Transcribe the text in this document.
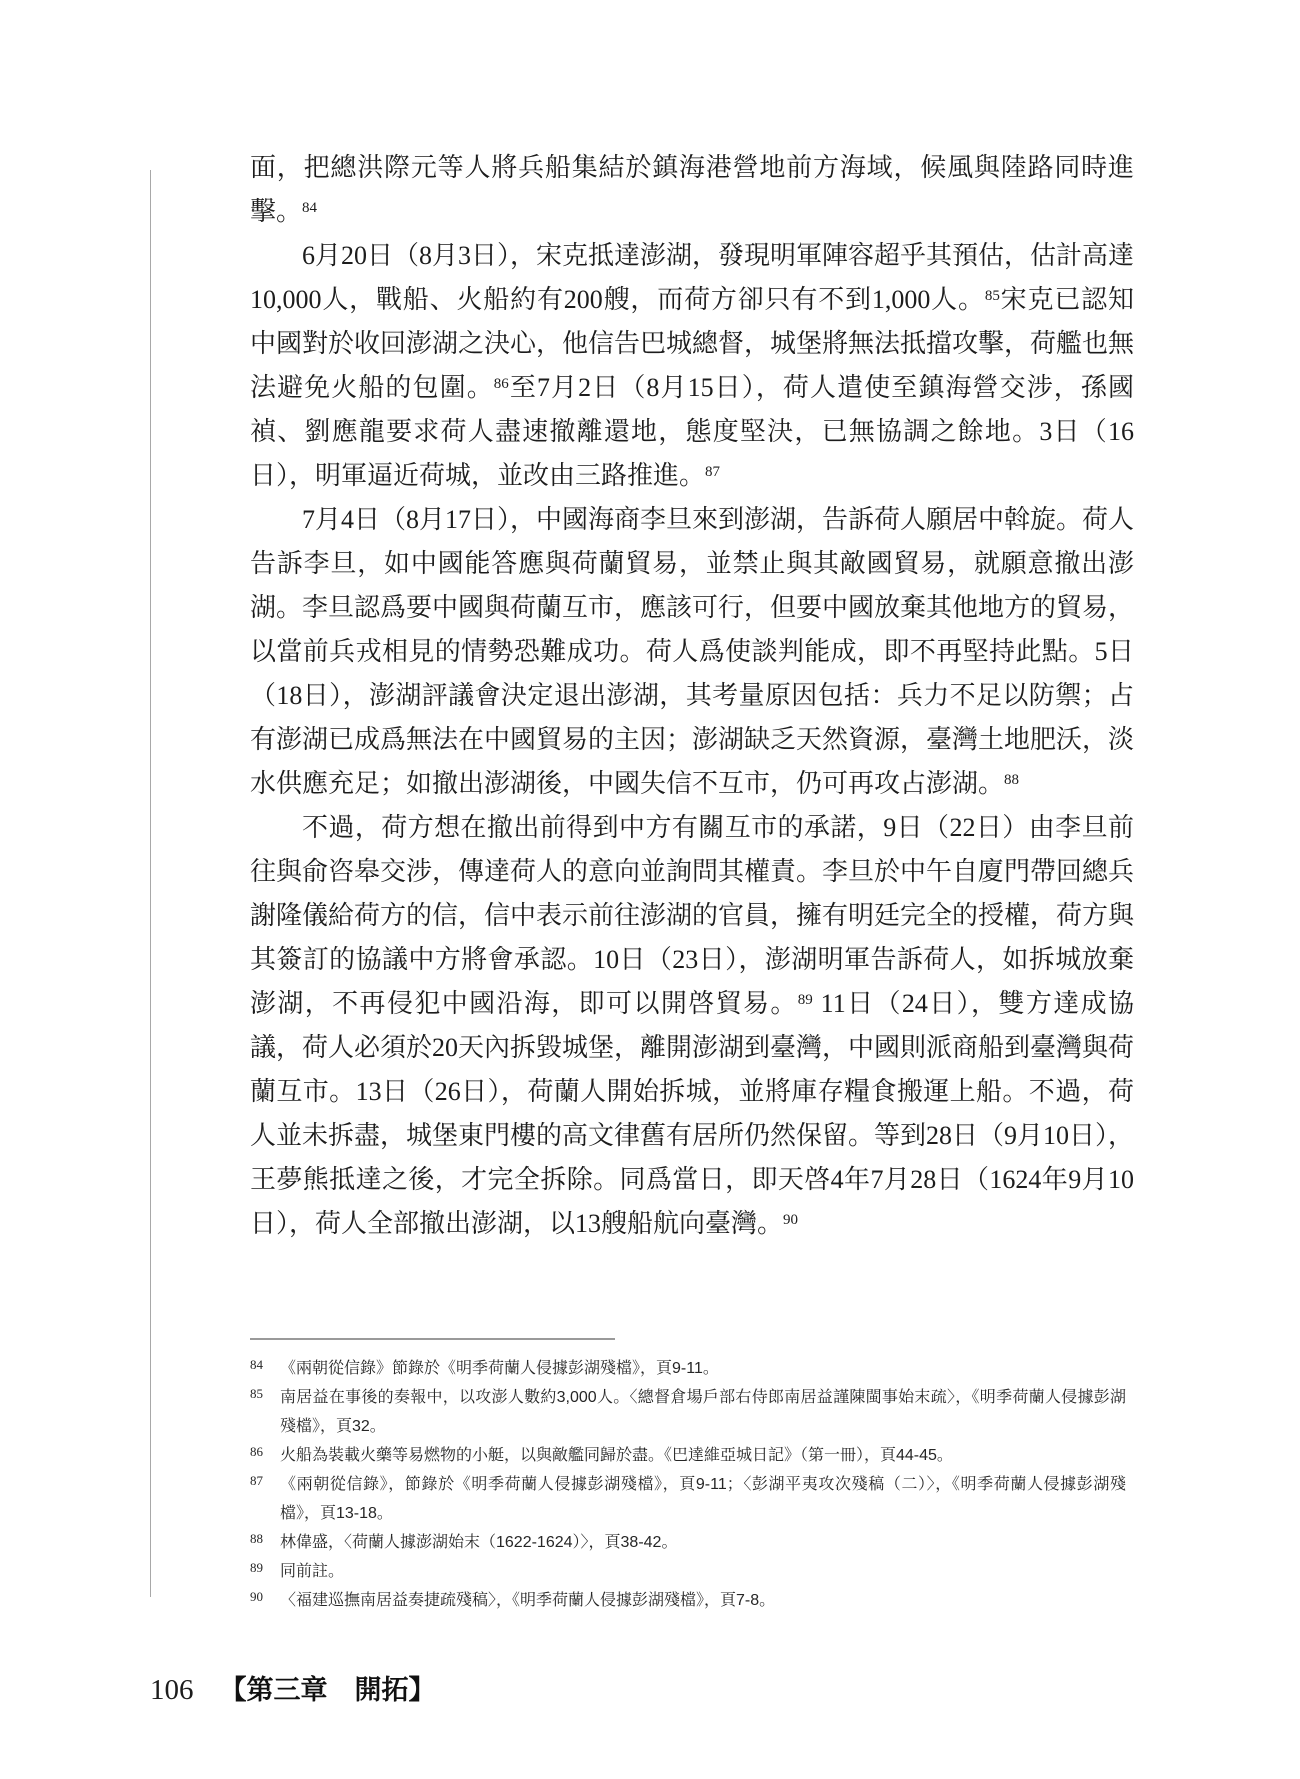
面，把總洪際元等人將兵船集結於鎮海港營地前方海域，候風與陸路同時進擊。$^{84}$

6月20日（8月3日），宋克抵達澎湖，發現明軍陣容超乎其預估，估計高達10,000人，戰船、火船約有200艘，而荷方卻只有不到1,000人。$^{85}$宋克已認知中國對於收回澎湖之決心，他信告巴城總督，城堡將無法抵擋攻擊，荷艦也無法避免火船的包圍。$^{86}$至7月2日（8月15日），荷人遣使至鎮海營交涉，孫國禎、劉應龍要求荷人盡速撤離還地，態度堅決，已無協調之餘地。3日（16日），明軍逼近荷城，並改由三路推進。$^{87}$

7月4日（8月17日），中國海商李旦來到澎湖，告訴荷人願居中斡旋。荷人告訴李旦，如中國能答應與荷蘭貿易，並禁止與其敵國貿易，就願意撤出澎湖。李旦認爲要中國與荷蘭互市，應該可行，但要中國放棄其他地方的貿易，以當前兵戎相見的情勢恐難成功。荷人爲使談判能成，即不再堅持此點。5日（18日），澎湖評議會決定退出澎湖，其考量原因包括：兵力不足以防禦；占有澎湖已成爲無法在中國貿易的主因；澎湖缺乏天然資源，臺灣土地肥沃，淡水供應充足；如撤出澎湖後，中國失信不互市，仍可再攻占澎湖。$^{88}$

不過，荷方想在撤出前得到中方有關互市的承諾，9日（22日）由李旦前往與俞咨皋交涉，傳達荷人的意向並詢問其權責。李旦於中午自廈門帶回總兵謝隆儀給荷方的信，信中表示前往澎湖的官員，擁有明廷完全的授權，荷方與其簽訂的協議中方將會承認。10日（23日），澎湖明軍告訴荷人，如拆城放棄澎湖，不再侵犯中國沿海，即可以開啓貿易。$^{89}$ 11日（24日），雙方達成協議，荷人必須於20天內拆毀城堡，離開澎湖到臺灣，中國則派商船到臺灣與荷蘭互市。13日（26日），荷蘭人開始拆城，並將庫存糧食搬運上船。不過，荷人並未拆盡，城堡東門樓的高文律舊有居所仍然保留。等到28日（9月10日），王夢熊抵達之後，才完全拆除。同爲當日，即天啓4年7月28日（1624年9月10日），荷人全部撤出澎湖，以13艘船航向臺灣。$^{90}$

84 《兩朝從信錄》節錄於《明季荷蘭人侵據彭湖殘檔》，頁9-11。
85 南居益在事後的奏報中，以攻澎人數約3,000人。〈總督倉場戶部右侍郎南居益謹陳閩事始末疏〉，《明季荷蘭人侵據彭湖殘檔》，頁32。
86 火船為裝載火藥等易燃物的小艇，以與敵艦同歸於盡。《巴達維亞城日記》（第一冊），頁44-45。
87 《兩朝從信錄》，節錄於《明季荷蘭人侵據彭湖殘檔》，頁9-11；〈彭湖平夷攻次殘稿（二）〉，《明季荷蘭人侵據彭湖殘檔》，頁13-18。
88 林偉盛，〈荷蘭人據澎湖始末（1622-1624）〉，頁38-42。
89 同前註。
90 〈福建巡撫南居益奏捷疏殘稿〉，《明季荷蘭人侵據彭湖殘檔》，頁7-8。
106 【第三章　開拓】
